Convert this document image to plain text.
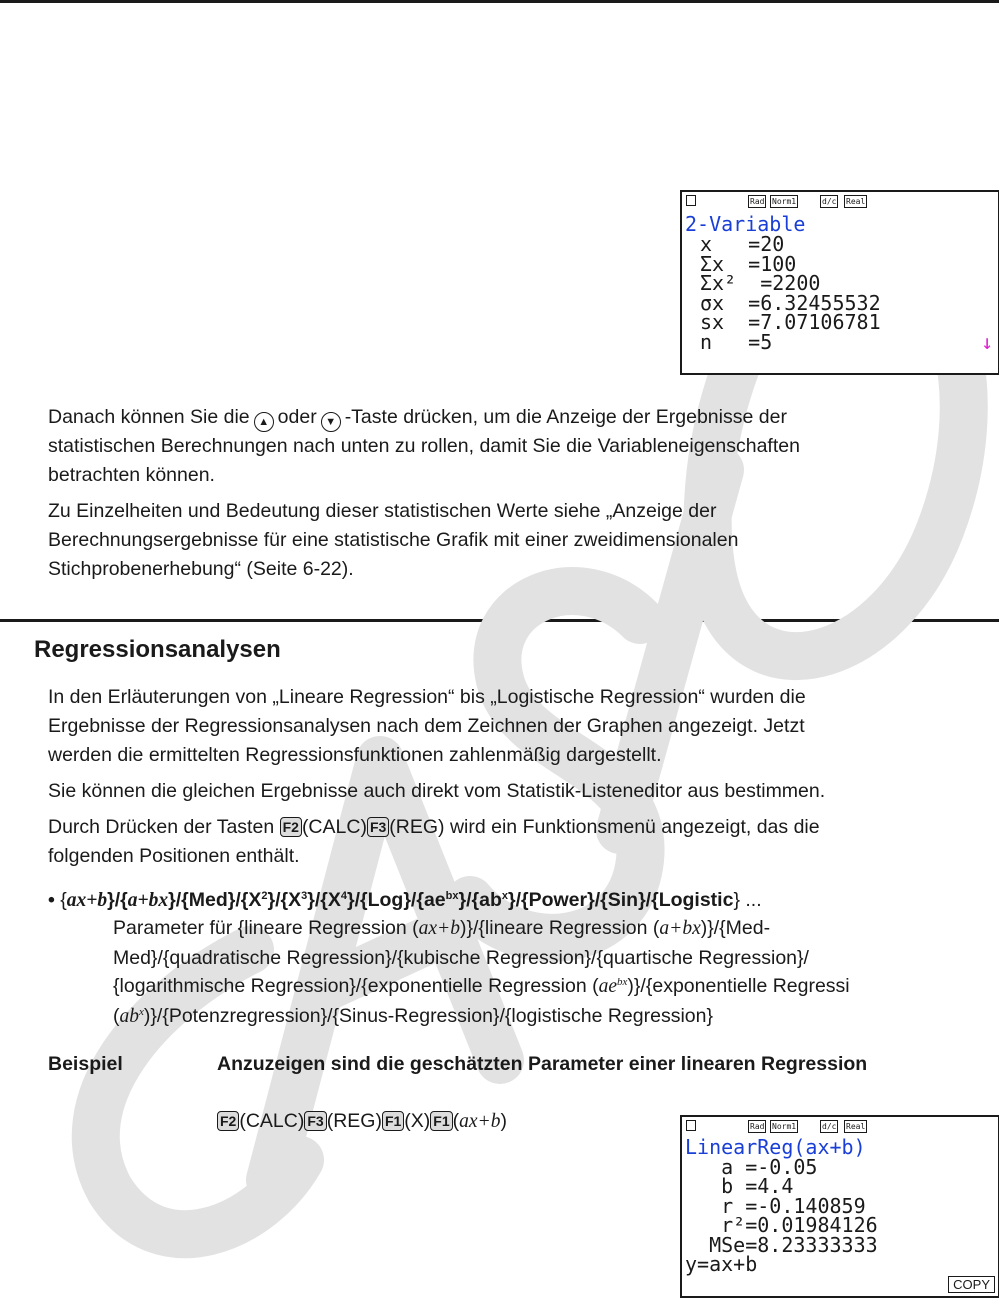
Rad Norm1	d/c Real
2-Variable
x   =20
Σx  =100
Σx²  =2200
σx  =6.32455532
sx  =7.07106781
n   =5	↓

Danach können Sie die ▲ oder ▼ -Taste drücken, um die Anzeige der Ergebnisse der
statistischen Berechnungen nach unten zu rollen, damit Sie die Variableneigenschaften
betrachten können.

Zu Einzelheiten und Bedeutung dieser statistischen Werte siehe „Anzeige der
Berechnungsergebnisse für eine statistische Grafik mit einer zweidimensionalen
Stichprobenerhebung“ (Seite 6-22).

Regressionsanalysen

In den Erläuterungen von „Lineare Regression“ bis „Logistische Regression“ wurden die
Ergebnisse der Regressionsanalysen nach dem Zeichnen der Graphen angezeigt. Jetzt
werden die ermittelten Regressionsfunktionen zahlenmäßig dargestellt.

Sie können die gleichen Ergebnisse auch direkt vom Statistik-Listeneditor aus bestimmen.

Durch Drücken der Tasten F2 (CALC) F3 (REG) wird ein Funktionsmenü angezeigt, das die
folgenden Positionen enthält.

• $\{ax+b\}/\{a+bx\}/\{Med\}/\{X^2\}/\{X^3\}/\{X^4\}/\{Log\}/\{ae^{bx}\}/\{ab^x\}/\{Power\}/\{Sin\}/\{Logistic\}$ ...
Parameter für {lineare Regression (ax+b)}/{lineare Regression (a+bx)}/{Med-
Med}/{quadratische Regression}/{kubische Regression}/{quartische Regression}/
{logarithmische Regression}/{exponentielle Regression $(ae^{bx})\}/\{exponentielle$ Regressi
$(ab^x)\}/\{Potenzregression\}/\{Sinus-Regression\}/\{logistische$ Regression}
Beispiel	Anzuzeigen sind die geschätzten Parameter einer linearen Regression
F2 (CALC) F3 (REG) F1 (X) F1 (ax+b)	Rad Norm1	d/c Real
LinearReg(ax+b)
a =-0.05
b =4.4
r =-0.140859
r²=0.01984126
MSe=8.23333333
y=ax+b
COPY
